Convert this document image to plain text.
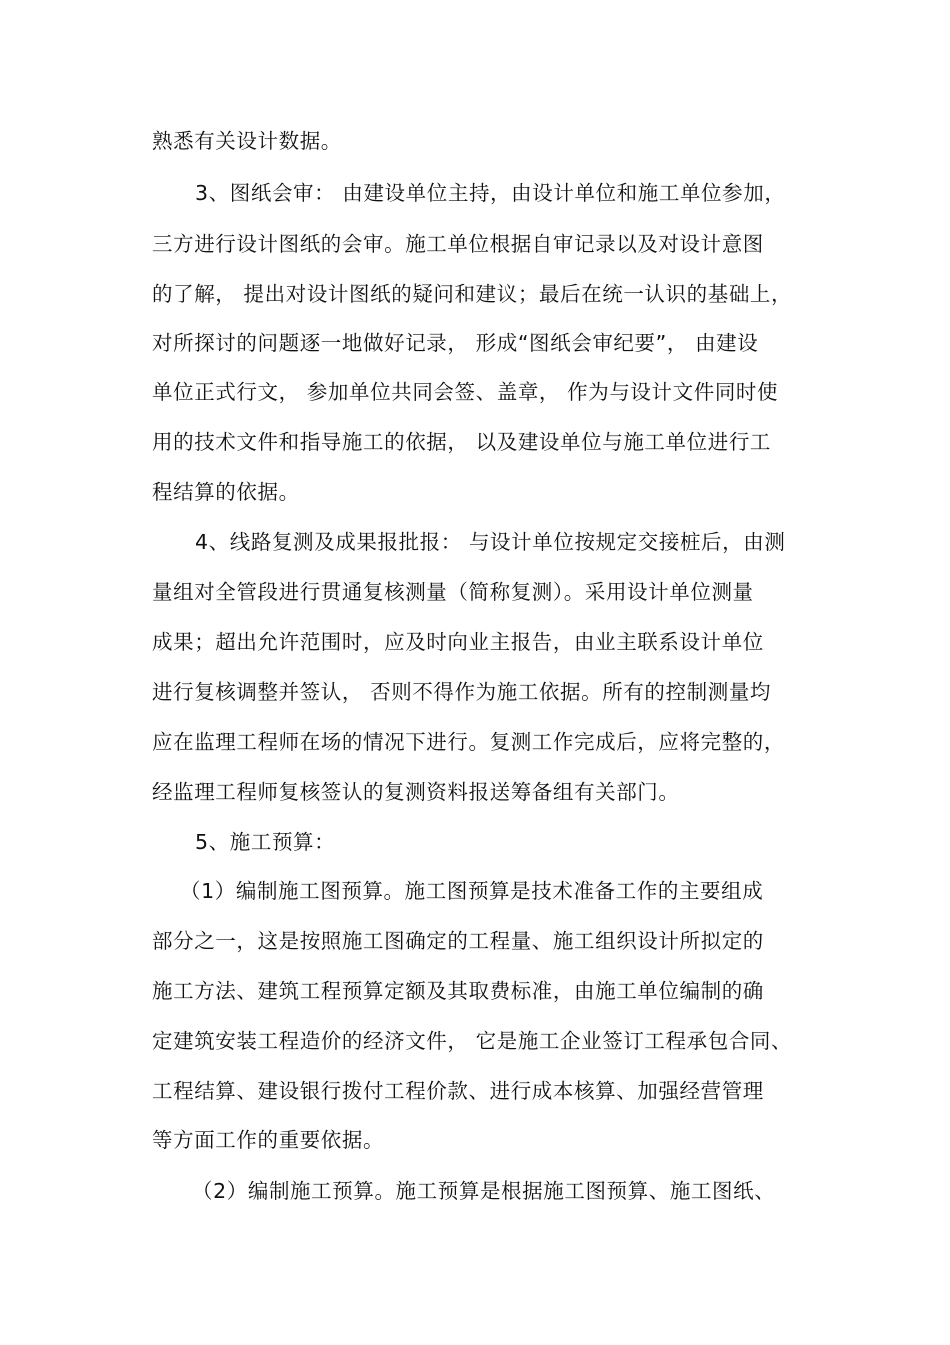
熟悉有关设计数据。
3、图纸会审： 由建设单位主持，由设计单位和施工单位参加，
三方进行设计图纸的会审。施工单位根据自审记录以及对设计意图
的了解， 提出对设计图纸的疑问和建议；最后在统一认识的基础上，
对所探讨的问题逐一地做好记录， 形成“图纸会审纪要”， 由建设
单位正式行文， 参加单位共同会签、盖章， 作为与设计文件同时使
用的技术文件和指导施工的依据， 以及建设单位与施工单位进行工
程结算的依据。
4、线路复测及成果报批报： 与设计单位按规定交接桩后，由测
量组对全管段进行贯通复核测量（简称复测）。采用设计单位测量
成果；超出允许范围时，应及时向业主报告，由业主联系设计单位
进行复核调整并签认， 否则不得作为施工依据。所有的控制测量均
应在监理工程师在场的情况下进行。复测工作完成后，应将完整的，
经监理工程师复核签认的复测资料报送筹备组有关部门。
5、施工预算：
（1）编制施工图预算。施工图预算是技术准备工作的主要组成
部分之一，这是按照施工图确定的工程量、施工组织设计所拟定的
施工方法、建筑工程预算定额及其取费标准，由施工单位编制的确
定建筑安装工程造价的经济文件， 它是施工企业签订工程承包合同、
工程结算、建设银行拨付工程价款、进行成本核算、加强经营管理
等方面工作的重要依据。
（2）编制施工预算。施工预算是根据施工图预算、施工图纸、
